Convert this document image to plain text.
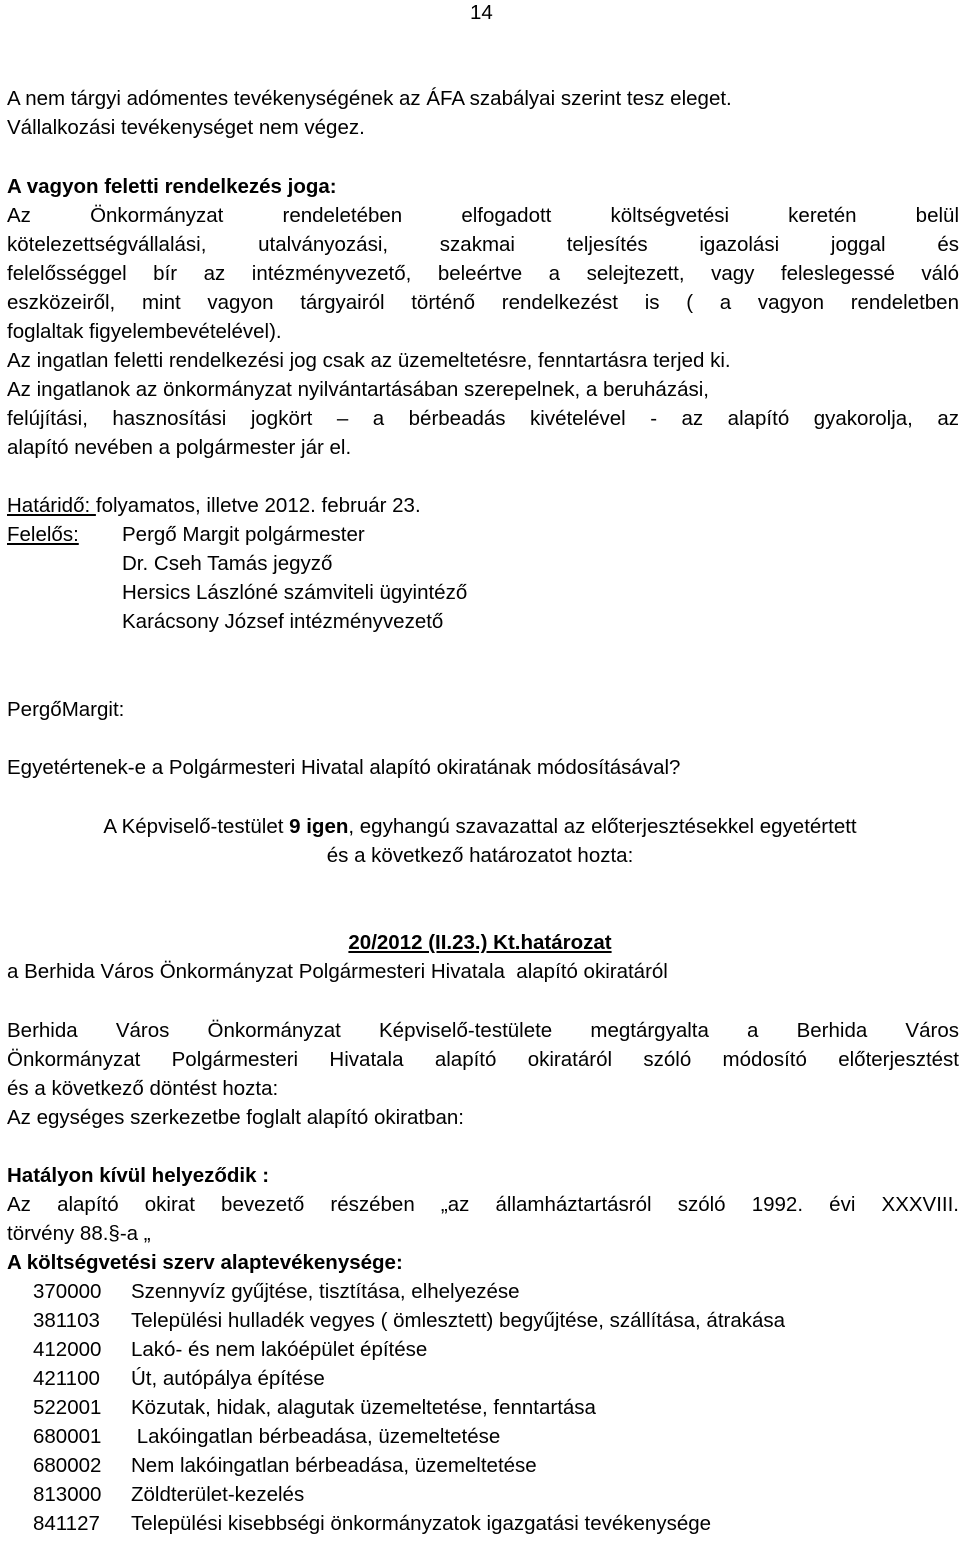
14
A nem tárgyi adómentes tevékenységének az ÁFA szabályai szerint tesz eleget.
Vállalkozási tevékenységet nem végez.
A vagyon feletti rendelkezés joga:
Az Önkormányzat rendeletében elfogadott költségvetési keretén belül
kötelezettségvállalási, utalványozási, szakmai teljesítés igazolási joggal és
felelősséggel bír az intézményvezető, beleértve a selejtezett, vagy feleslegessé váló
eszközeiről, mint vagyon tárgyairól történő rendelkezést is ( a vagyon rendeletben
foglaltak figyelembevételével).
Az ingatlan feletti rendelkezési jog csak az üzemeltetésre, fenntartásra terjed ki.
Az ingatlanok az önkormányzat nyilvántartásában szerepelnek, a beruházási,
felújítási, hasznosítási jogkört – a bérbeadás kivételével - az alapító gyakorolja, az
alapító nevében a polgármester jár el.
Határidő: folyamatos, illetve 2012. február 23.
Felelős: Pergő Margit polgármester
Dr. Cseh Tamás jegyző
Hersics Lászlóné számviteli ügyintéző
Karácsony József intézményvezető
PergőMargit:
Egyetértenek-e a Polgármesteri Hivatal alapító okiratának módosításával?
A Képviselő-testület 9 igen, egyhangú szavazattal az előterjesztésekkel egyetértett
és a következő határozatot hozta:
20/2012 (II.23.) Kt.határozat
a Berhida Város Önkormányzat Polgármesteri Hivatala  alapító okiratáról
Berhida Város Önkormányzat Képviselő-testülete megtárgyalta a Berhida Város
Önkormányzat Polgármesteri Hivatala alapító okiratáról szóló módosító előterjesztést
és a következő döntést hozta:
Az egységes szerkezetbe foglalt alapító okiratban:
Hatályon kívül helyeződik :
Az alapító okirat bevezető részében „az államháztartásról szóló 1992. évi XXXVIII.
törvény 88.§-a „
A költségvetési szerv alaptevékenysége:
370000 Szennyvíz gyűjtése, tisztítása, elhelyezése
381103 Települési hulladék vegyes ( ömlesztett) begyűjtése, szállítása, átrakása
412000 Lakó- és nem lakóépület építése
421100 Út, autópálya építése
522001 Közutak, hidak, alagutak üzemeltetése, fenntartása
680001 Lakóingatlan bérbeadása, üzemeltetése
680002 Nem lakóingatlan bérbeadása, üzemeltetése
813000 Zöldterület-kezelés
841127 Települési kisebbségi önkormányzatok igazgatási tevékenysége
